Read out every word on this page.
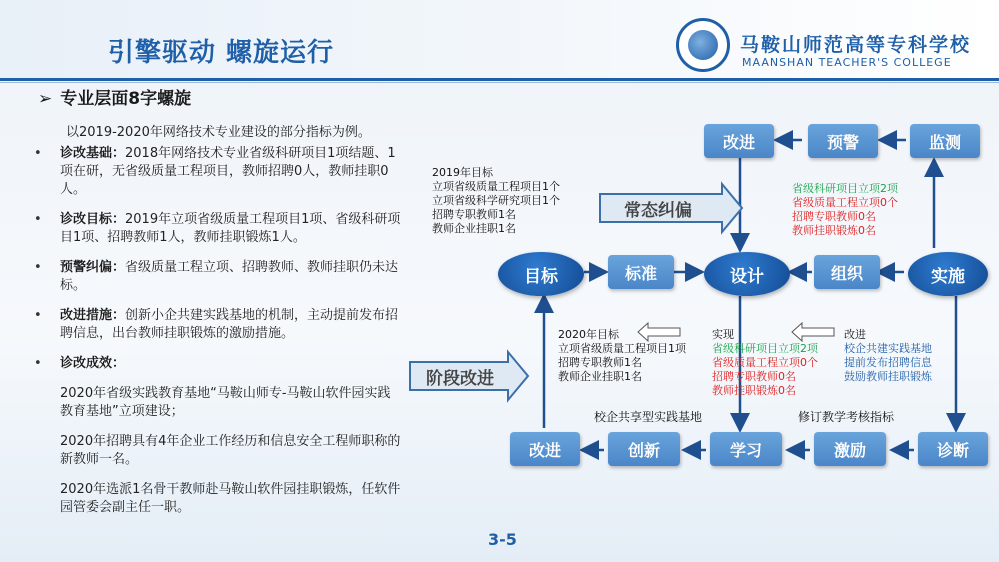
引擎驱动 螺旋运行	马鞍山师范高等专科学校
MAANSHAN TEACHER'S COLLEGE
➢ 专业层面8字螺旋
以2019-2020年网络技术专业建设的部分指标为例。
• 诊改基础：2018年网络技术专业省级科研项目1项结题、1项在研，无省级质量工程项目，教师招聘0人，教师挂职0人。
• 诊改目标：2019年立项省级质量工程项目1项、省级科研项目1项、招聘教师1人，教师挂职锻炼1人。
• 预警纠偏：省级质量工程立项、招聘教师、教师挂职仍未达标。
• 改进措施：创新小企共建实践基地的机制，主动提前发布招聘信息，出台教师挂职锻炼的激励措施。
• 诊改成效：
2020年省级实践教育基地“马鞍山师专-马鞍山软件园实践教育基地”立项建设；
2020年招聘具有4年企业工作经历和信息安全工程师职称的新教师一名。
2020年选派1名骨干教师赴马鞍山软件园挂职锻炼，任软件园管委会副主任一职。
改进	预警	监测
目标	标准	设计	组织	实施
改进	创新	学习	激励	诊断
常态纠偏
阶段改进
2019年目标
立项省级质量工程项目1个
立项省级科学研究项目1个
招聘专职教师1名
教师企业挂职1名
省级科研项目立项2项
省级质量工程立项0个
招聘专职教师0名
教师挂职锻炼0名
2020年目标
立项省级质量工程项目1项
招聘专职教师1名
教师企业挂职1名
实现
省级科研项目立项2项
省级质量工程立项0个
招聘专职教师0名
教师挂职锻炼0名
改进
校企共建实践基地
提前发布招聘信息
鼓励教师挂职锻炼
校企共享型实践基地	修订教学考核指标
3-5
